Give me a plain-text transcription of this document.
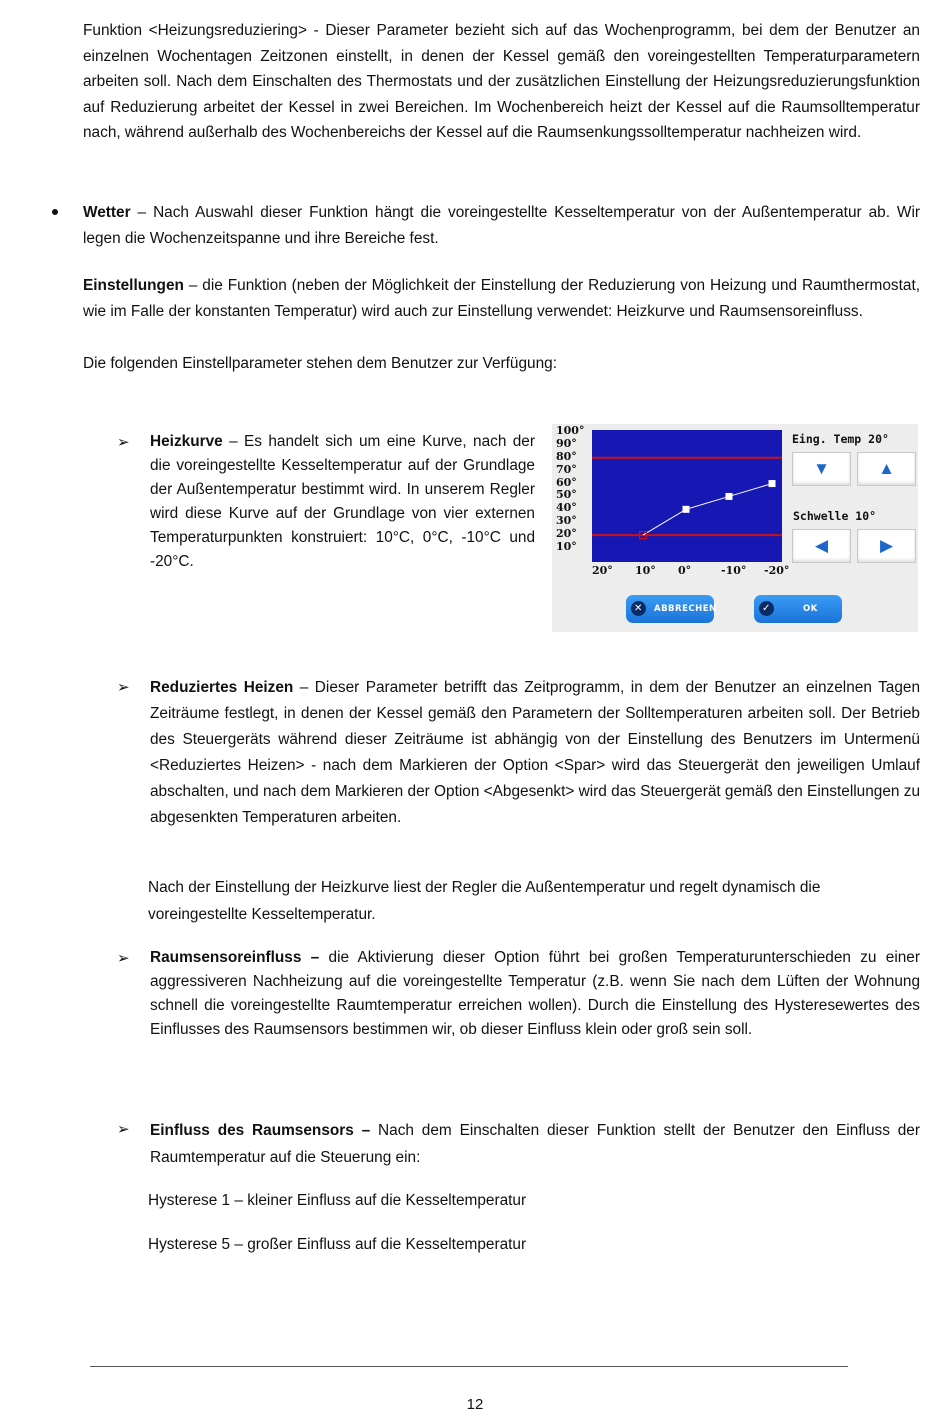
Funktion <Heizungsreduziering> - Dieser Parameter bezieht sich auf das Wochenprogramm, bei dem der Benutzer an einzelnen Wochentagen Zeitzonen einstellt, in denen der Kessel gemäß den voreingestellten Temperaturparametern arbeiten soll. Nach dem Einschalten des Thermostats und der zusätzlichen Einstellung der Heizungsreduzierungsfunktion auf Reduzierung arbeitet der Kessel in zwei Bereichen. Im Wochenbereich heizt der Kessel auf die Raumsolltemperatur nach, während außerhalb des Wochenbereichs der Kessel auf die Raumsenkungssolltemperatur nachheizen wird.

Wetter – Nach Auswahl dieser Funktion hängt die voreingestellte Kesseltemperatur von der Außentemperatur ab. Wir legen die Wochenzeitspanne und ihre Bereiche fest.

Einstellungen – die Funktion (neben der Möglichkeit der Einstellung der Reduzierung von Heizung und Raumthermostat, wie im Falle der konstanten Temperatur) wird auch zur Einstellung verwendet: Heizkurve und Raumsensoreinfluss.

Die folgenden Einstellparameter stehen dem Benutzer zur Verfügung:

➢ Heizkurve – Es handelt sich um eine Kurve, nach der die voreingestellte Kesseltemperatur auf der Grundlage der Außentemperatur bestimmt wird. In unserem Regler wird diese Kurve auf der Grundlage von vier externen Temperaturpunkten konstruiert: 10°C, 0°C, -10°C und -20°C.

100°
90°
80°
70°
60°
50°
40°
30°
20°
10°
20° 10° 0°	-10° -20°
Eing. Temp 20°
▼	▲
Schwelle 10°
◀	▶
✕	ABBRECHEN	✓	OK
➢ Reduziertes Heizen – Dieser Parameter betrifft das Zeitprogramm, in dem der Benutzer an einzelnen Tagen Zeiträume festlegt, in denen der Kessel gemäß den Parametern der Solltemperaturen arbeiten soll. Der Betrieb des Steuergeräts während dieser Zeiträume ist abhängig von der Einstellung des Benutzers im Untermenü <Reduziertes Heizen> - nach dem Markieren der Option <Spar> wird das Steuergerät den jeweiligen Umlauf abschalten, und nach dem Markieren der Option <Abgesenkt> wird das Steuergerät gemäß den Einstellungen zu abgesenkten Temperaturen arbeiten.

Nach der Einstellung der Heizkurve liest der Regler die Außentemperatur und regelt dynamisch die voreingestellte Kesseltemperatur.

➢ Raumsensoreinfluss – die Aktivierung dieser Option führt bei großen Temperaturunterschieden zu einer aggressiveren Nachheizung auf die voreingestellte Temperatur (z.B. wenn Sie nach dem Lüften der Wohnung schnell die voreingestellte Raumtemperatur erreichen wollen). Durch die Einstellung des Hysteresewertes des Einflusses des Raumsensors bestimmen wir, ob dieser Einfluss klein oder groß sein soll.

➢ Einfluss des Raumsensors – Nach dem Einschalten dieser Funktion stellt der Benutzer den Einfluss der Raumtemperatur auf die Steuerung ein:

Hysterese 1 – kleiner Einfluss auf die Kesseltemperatur

Hysterese 5 – großer Einfluss auf die Kesseltemperatur

12
